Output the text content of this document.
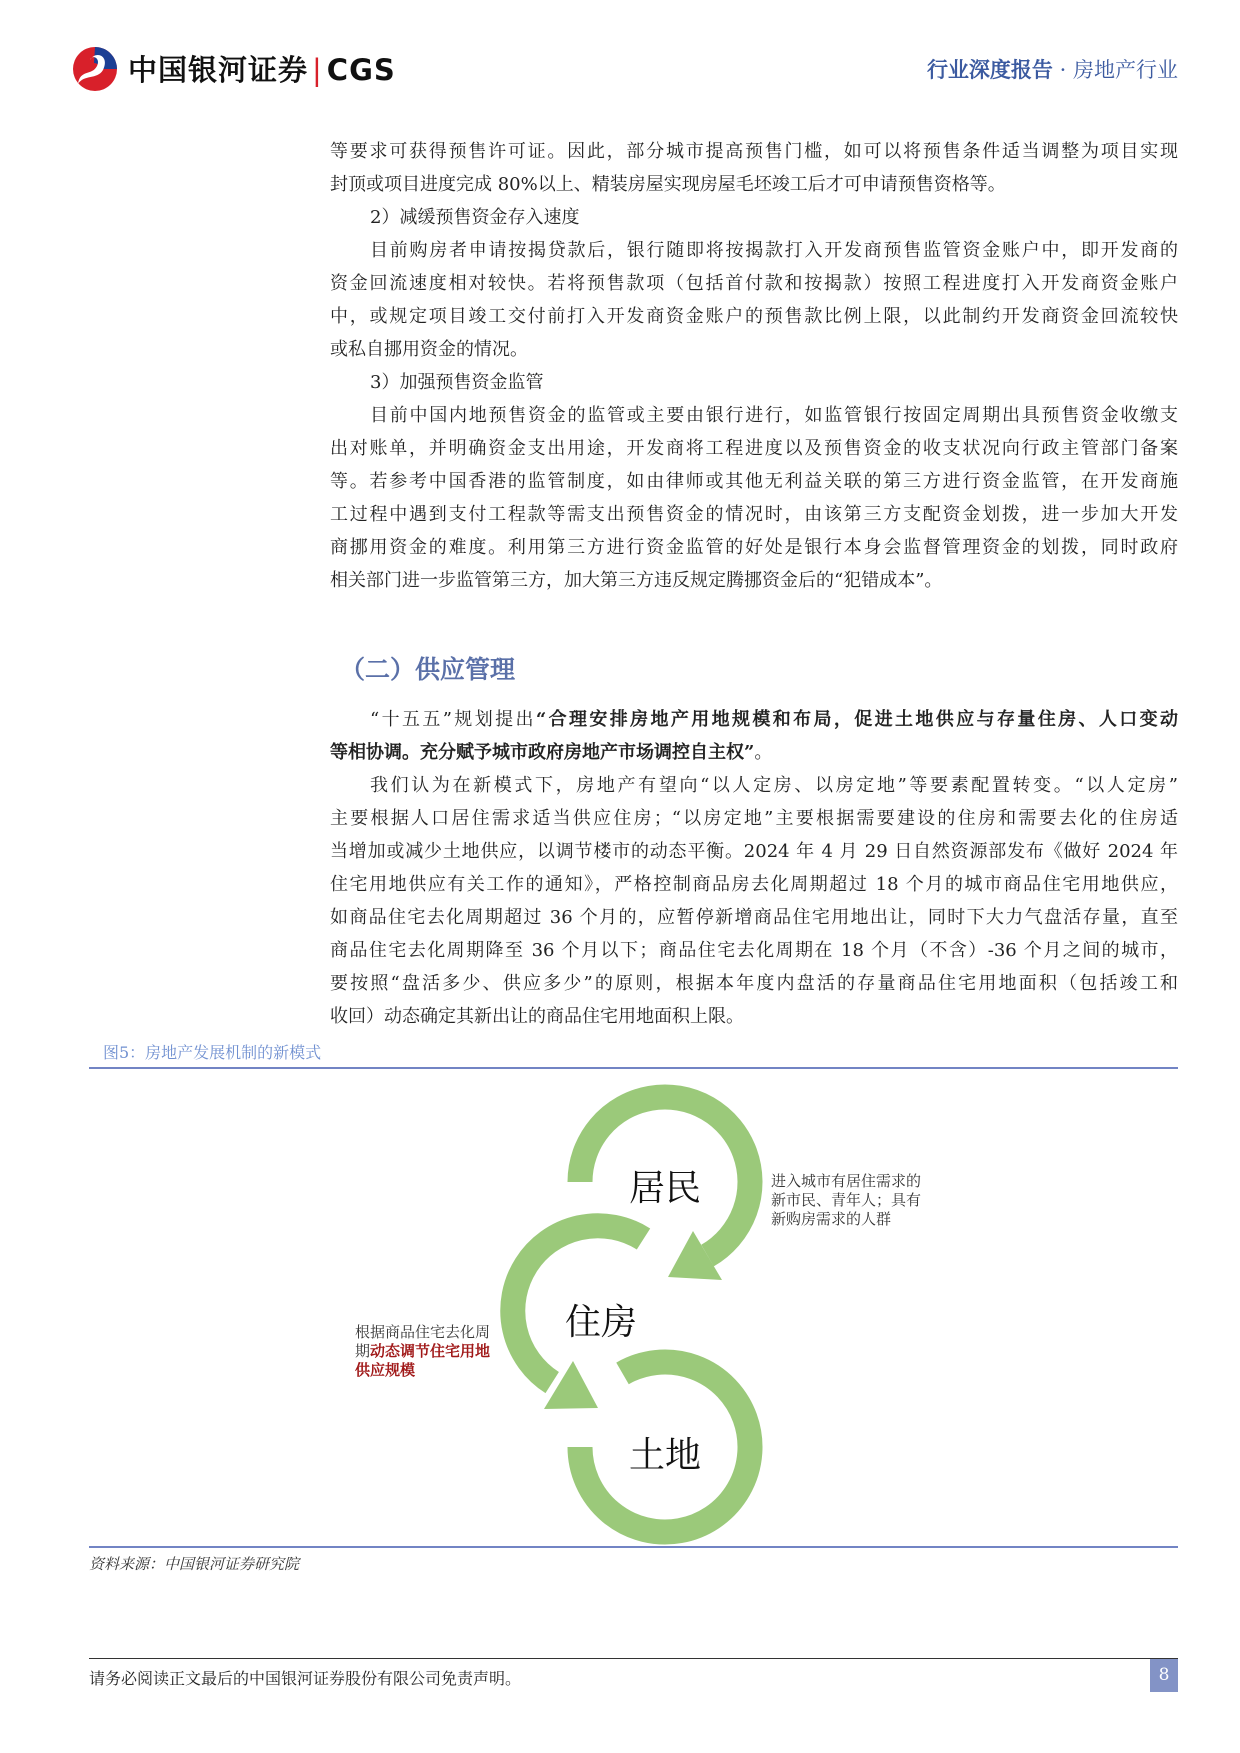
中国银河证券 | CGS	行业深度报告 · 房地产行业
等要求可获得预售许可证。因此，部分城市提高预售门槛，如可以将预售条件适当调整为项目实现
封顶或项目进度完成 80%以上、精装房屋实现房屋毛坯竣工后才可申请预售资格等。
2）减缓预售资金存入速度
目前购房者申请按揭贷款后，银行随即将按揭款打入开发商预售监管资金账户中，即开发商的
资金回流速度相对较快。若将预售款项（包括首付款和按揭款）按照工程进度打入开发商资金账户
中，或规定项目竣工交付前打入开发商资金账户的预售款比例上限，以此制约开发商资金回流较快
或私自挪用资金的情况。
3）加强预售资金监管
目前中国内地预售资金的监管或主要由银行进行，如监管银行按固定周期出具预售资金收缴支
出对账单，并明确资金支出用途，开发商将工程进度以及预售资金的收支状况向行政主管部门备案
等。若参考中国香港的监管制度，如由律师或其他无利益关联的第三方进行资金监管，在开发商施
工过程中遇到支付工程款等需支出预售资金的情况时，由该第三方支配资金划拨，进一步加大开发
商挪用资金的难度。利用第三方进行资金监管的好处是银行本身会监督管理资金的划拨，同时政府
相关部门进一步监管第三方，加大第三方违反规定腾挪资金后的“犯错成本”。
（二）供应管理
“十五五”规划提出“合理安排房地产用地规模和布局，促进土地供应与存量住房、人口变动
等相协调。充分赋予城市政府房地产市场调控自主权”。
我们认为在新模式下，房地产有望向“以人定房、以房定地”等要素配置转变。“以人定房”
主要根据人口居住需求适当供应住房；“以房定地”主要根据需要建设的住房和需要去化的住房适
当增加或减少土地供应，以调节楼市的动态平衡。2024 年 4 月 29 日自然资源部发布《做好 2024 年
住宅用地供应有关工作的通知》，严格控制商品房去化周期超过 18 个月的城市商品住宅用地供应，
如商品住宅去化周期超过 36 个月的，应暂停新增商品住宅用地出让，同时下大力气盘活存量，直至
商品住宅去化周期降至 36 个月以下；商品住宅去化周期在 18 个月（不含）-36 个月之间的城市，
要按照“盘活多少、供应多少”的原则，根据本年度内盘活的存量商品住宅用地面积（包括竣工和
收回）动态确定其新出让的商品住宅用地面积上限。
图5：房地产发展机制的新模式
居民
住房
土地
进入城市有居住需求的
新市民、青年人；具有
新购房需求的人群
根据商品住宅去化周
期动态调节住宅用地
供应规模
资料来源：中国银河证券研究院
请务必阅读正文最后的中国银河证券股份有限公司免责声明。	8
